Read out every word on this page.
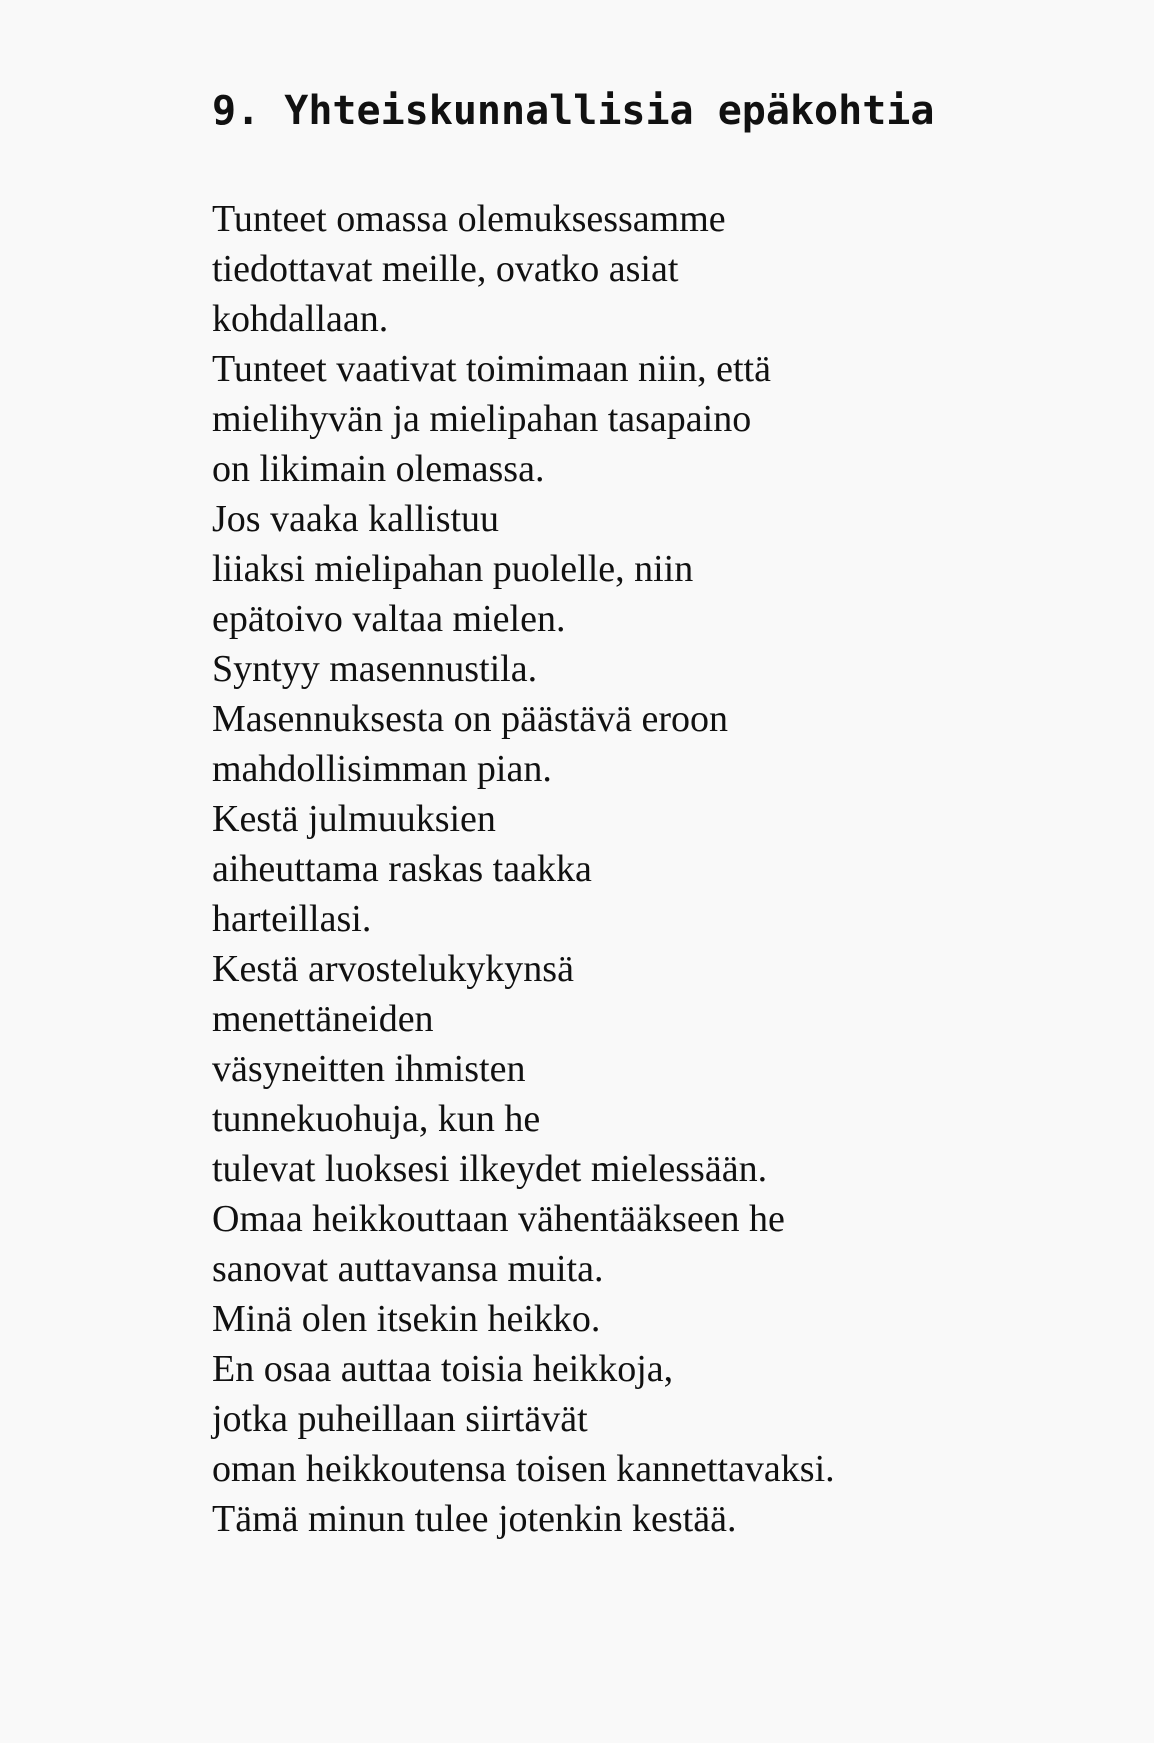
9. Yhteiskunnallisia epäkohtia
Tunteet omassa olemuksessamme
tiedottavat meille, ovatko asiat
kohdallaan.
Tunteet vaativat toimimaan niin, että
mielihyvän ja mielipahan tasapaino
on likimain olemassa.
Jos vaaka kallistuu
liiaksi mielipahan puolelle, niin
epätoivo valtaa mielen.
Syntyy masennustila.
Masennuksesta on päästävä eroon
mahdollisimman pian.
Kestä julmuuksien
aiheuttama raskas taakka
harteillasi.
Kestä arvostelukykynsä
menettäneiden
väsyneitten ihmisten
tunnekuohuja, kun he
tulevat luoksesi ilkeydet mielessään.
Omaa heikkouttaan vähentääkseen he
sanovat auttavansa muita.
Minä olen itsekin heikko.
En osaa auttaa toisia heikkoja,
jotka puheillaan siirtävät
oman heikkoutensa toisen kannettavaksi.
Tämä minun tulee jotenkin kestää.
